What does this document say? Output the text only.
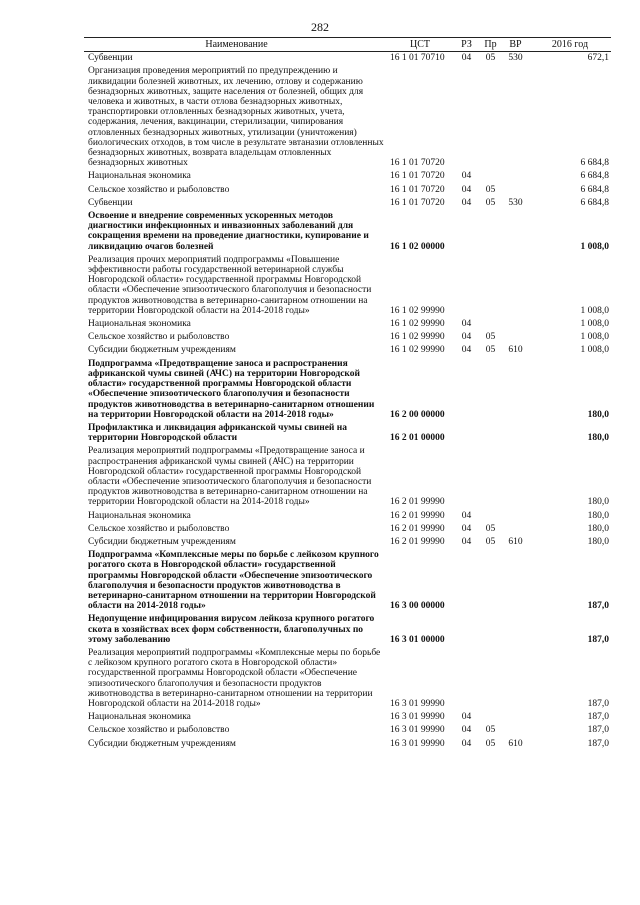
282
Наименование	ЦСТ	РЗ	Пр	ВР	2016 год
Субвенции	16 1 01 70710	04	05	530	672,1
Организация проведения мероприятий по предупреждению и ликвидации болезней животных, их лечению, отлову и содержанию безнадзорных животных, защите населения от болезней, общих для человека и животных, в части отлова безнадзорных животных, транспортировки отловленных безнадзорных животных, учета, содержания, лечения, вакцинации, стерилизации, чипирования отловленных безнадзорных животных, утилизации (уничтожения) биологических отходов, в том числе в результате эвтаназии отловленных безнадзорных животных, возврата владельцам отловленных безнадзорных животных	16 1 01 70720				6 684,8
Национальная экономика	16 1 01 70720	04			6 684,8
Сельское хозяйство и рыболовство	16 1 01 70720	04	05		6 684,8
Субвенции	16 1 01 70720	04	05	530	6 684,8
Освоение и внедрение современных ускоренных методов диагностики инфекционных и инвазионных заболеваний для сокращения времени на проведение диагностики, купирование и ликвидацию очагов болезней	16 1 02 00000				1 008,0
Реализация прочих мероприятий подпрограммы «Повышение эффективности работы государственной ветеринарной службы Новгородской области» государственной программы Новгородской области «Обеспечение эпизоотического благополучия и безопасности продуктов животноводства в ветеринарно-санитарном отношении на территории Новгородской области на 2014-2018 годы»	16 1 02 99990				1 008,0
Национальная экономика	16 1 02 99990	04			1 008,0
Сельское хозяйство и рыболовство	16 1 02 99990	04	05		1 008,0
Субсидии бюджетным учреждениям	16 1 02 99990	04	05	610	1 008,0
Подпрограмма «Предотвращение заноса и распространения африканской чумы свиней (АЧС) на территории Новгородской области» государственной программы Новгородской области «Обеспечение эпизоотического благополучия и безопасности продуктов животноводства в ветеринарно-санитарном отношении на территории Новгородской области на 2014-2018 годы»	16 2 00 00000				180,0
Профилактика и ликвидация африканской чумы свиней на территории Новгородской области	16 2 01 00000				180,0
Реализация мероприятий подпрограммы «Предотвращение заноса и распространения африканской чумы свиней (АЧС) на территории Новгородской области» государственной программы Новгородской области «Обеспечение эпизоотического благополучия и безопасности продуктов животноводства в ветеринарно-санитарном отношении на территории Новгородской области на 2014-2018 годы»	16 2 01 99990				180,0
Национальная экономика	16 2 01 99990	04			180,0
Сельское хозяйство и рыболовство	16 2 01 99990	04	05		180,0
Субсидии бюджетным учреждениям	16 2 01 99990	04	05	610	180,0
Подпрограмма «Комплексные меры по борьбе с лейкозом крупного рогатого скота в Новгородской области» государственной программы Новгородской области «Обеспечение эпизоотического благополучия и безопасности продуктов животноводства в ветеринарно-санитарном отношении на территории Новгородской области на 2014-2018 годы»	16 3 00 00000				187,0
Недопущение инфицирования вирусом лейкоза крупного рогатого скота в хозяйствах всех форм собственности, благополучных по этому заболеванию	16 3 01 00000				187,0
Реализация мероприятий подпрограммы «Комплексные меры по борьбе с лейкозом крупного рогатого скота в Новгородской области» государственной программы Новгородской области «Обеспечение эпизоотического благополучия и безопасности продуктов животноводства в ветеринарно-санитарном отношении на территории Новгородской области на 2014-2018 годы»	16 3 01 99990				187,0
Национальная экономика	16 3 01 99990	04			187,0
Сельское хозяйство и рыболовство	16 3 01 99990	04	05		187,0
Субсидии бюджетным учреждениям	16 3 01 99990	04	05	610	187,0
